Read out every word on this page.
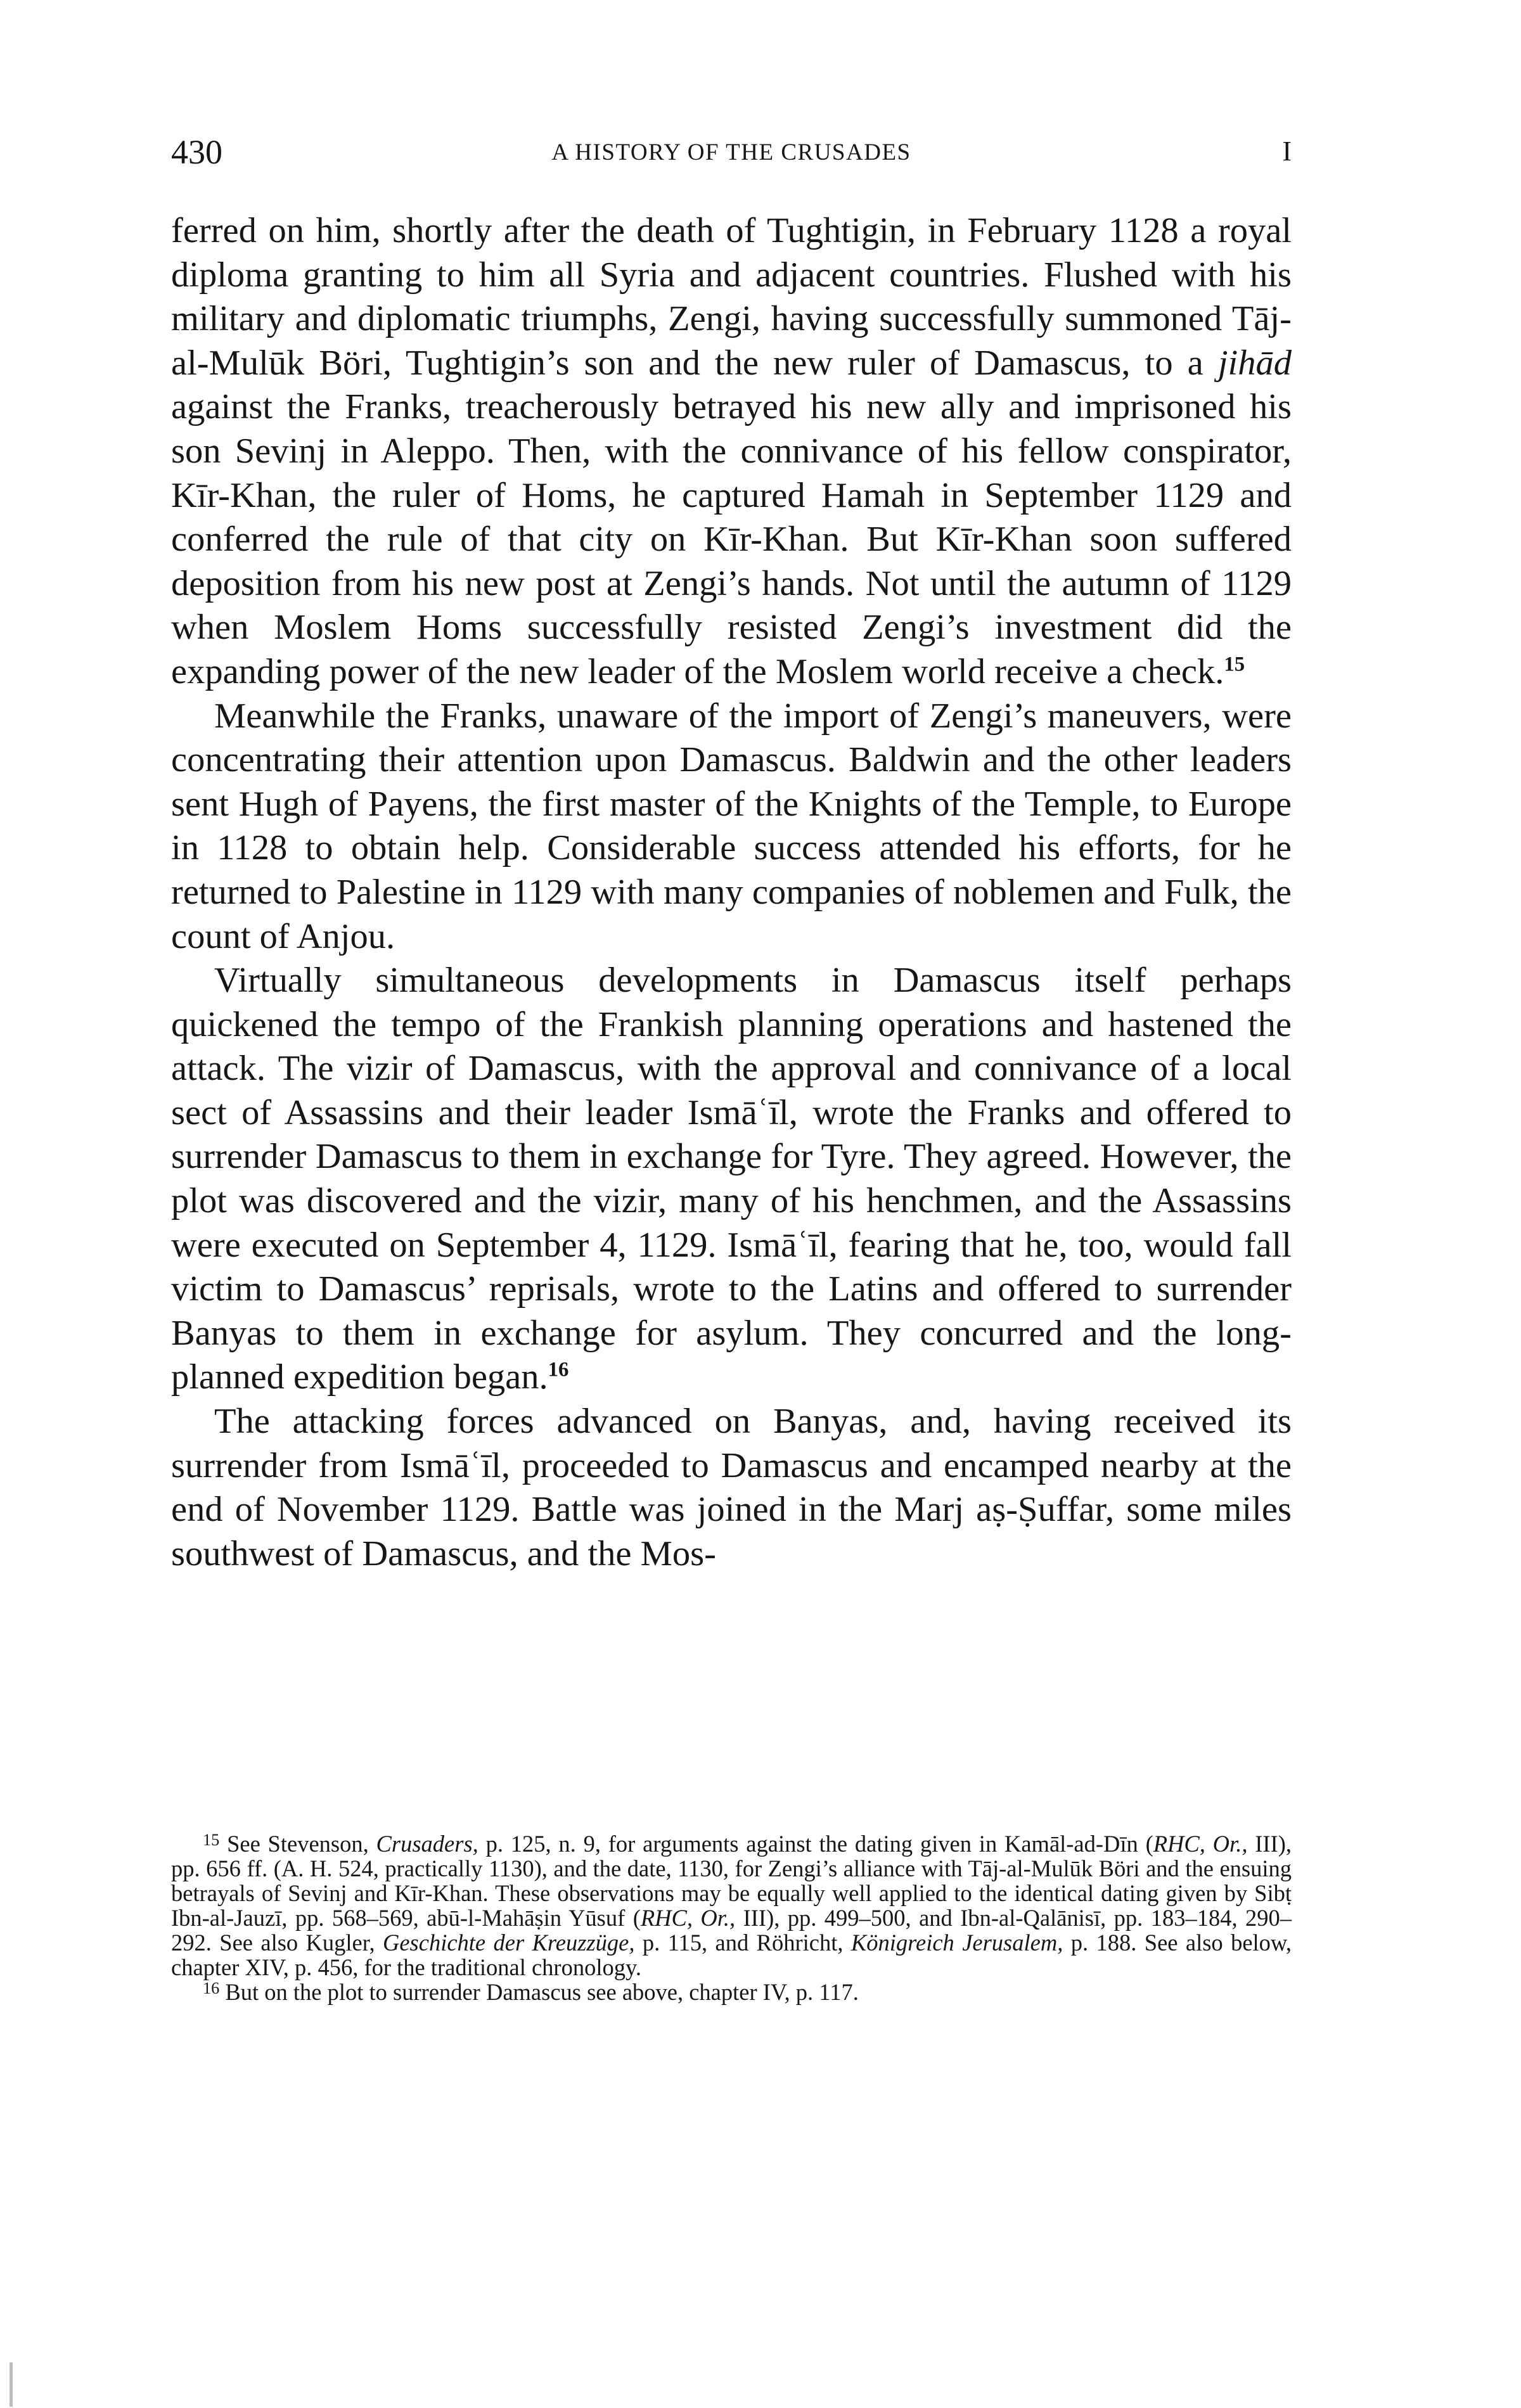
430	A HISTORY OF THE CRUSADES	I

ferred on him, shortly after the death of Tughtigin, in February 1128 a royal diploma granting to him all Syria and adjacent countries. Flushed with his military and diplomatic triumphs, Zengi, having successfully summoned Tāj-al-Mulūk Böri, Tughtigin’s son and the new ruler of Damascus, to a jihād against the Franks, treacherously betrayed his new ally and imprisoned his son Sevinj in Aleppo. Then, with the connivance of his fellow conspirator, Kīr-Khan, the ruler of Homs, he captured Hamah in September 1129 and conferred the rule of that city on Kīr-Khan. But Kīr-Khan soon suffered deposition from his new post at Zengi’s hands. Not until the autumn of 1129 when Moslem Homs successfully resisted Zengi’s investment did the expanding power of the new leader of the Moslem world receive a check.$^{15}$

Meanwhile the Franks, unaware of the import of Zengi’s maneuvers, were concentrating their attention upon Damascus. Baldwin and the other leaders sent Hugh of Payens, the first master of the Knights of the Temple, to Europe in 1128 to obtain help. Considerable success attended his efforts, for he returned to Palestine in 1129 with many companies of noblemen and Fulk, the count of Anjou.

Virtually simultaneous developments in Damascus itself perhaps quickened the tempo of the Frankish planning operations and hastened the attack. The vizir of Damascus, with the approval and connivance of a local sect of Assassins and their leader Ismāʿīl, wrote the Franks and offered to surrender Damascus to them in exchange for Tyre. They agreed. However, the plot was discovered and the vizir, many of his henchmen, and the Assassins were executed on September 4, 1129. Ismāʿīl, fearing that he, too, would fall victim to Damascus’ reprisals, wrote to the Latins and offered to surrender Banyas to them in exchange for asylum. They concurred and the long-planned expedition began.$^{16}$

The attacking forces advanced on Banyas, and, having received its surrender from Ismāʿīl, proceeded to Damascus and encamped nearby at the end of November 1129. Battle was joined in the Marj aṣ-Ṣuffar, some miles southwest of Damascus, and the Mos-

$^{15}$ See Stevenson, Crusaders, p. 125, n. 9, for arguments against the dating given in Kamāl-ad-Dīn (RHC, Or., III), pp. 656 ff. (A. H. 524, practically 1130), and the date, 1130, for Zengi’s alliance with Tāj-al-Mulūk Böri and the ensuing betrayals of Sevinj and Kīr-Khan. These observations may be equally well applied to the identical dating given by Sibṭ Ibn-al-Jauzī, pp. 568–569, abū-l-Mahāṣin Yūsuf (RHC, Or., III), pp. 499–500, and Ibn-al-Qalānisī, pp. 183–184, 290–292. See also Kugler, Geschichte der Kreuzzüge, p. 115, and Röhricht, Königreich Jerusalem, p. 188. See also below, chapter XIV, p. 456, for the traditional chronology.

$^{16}$ But on the plot to surrender Damascus see above, chapter IV, p. 117.
